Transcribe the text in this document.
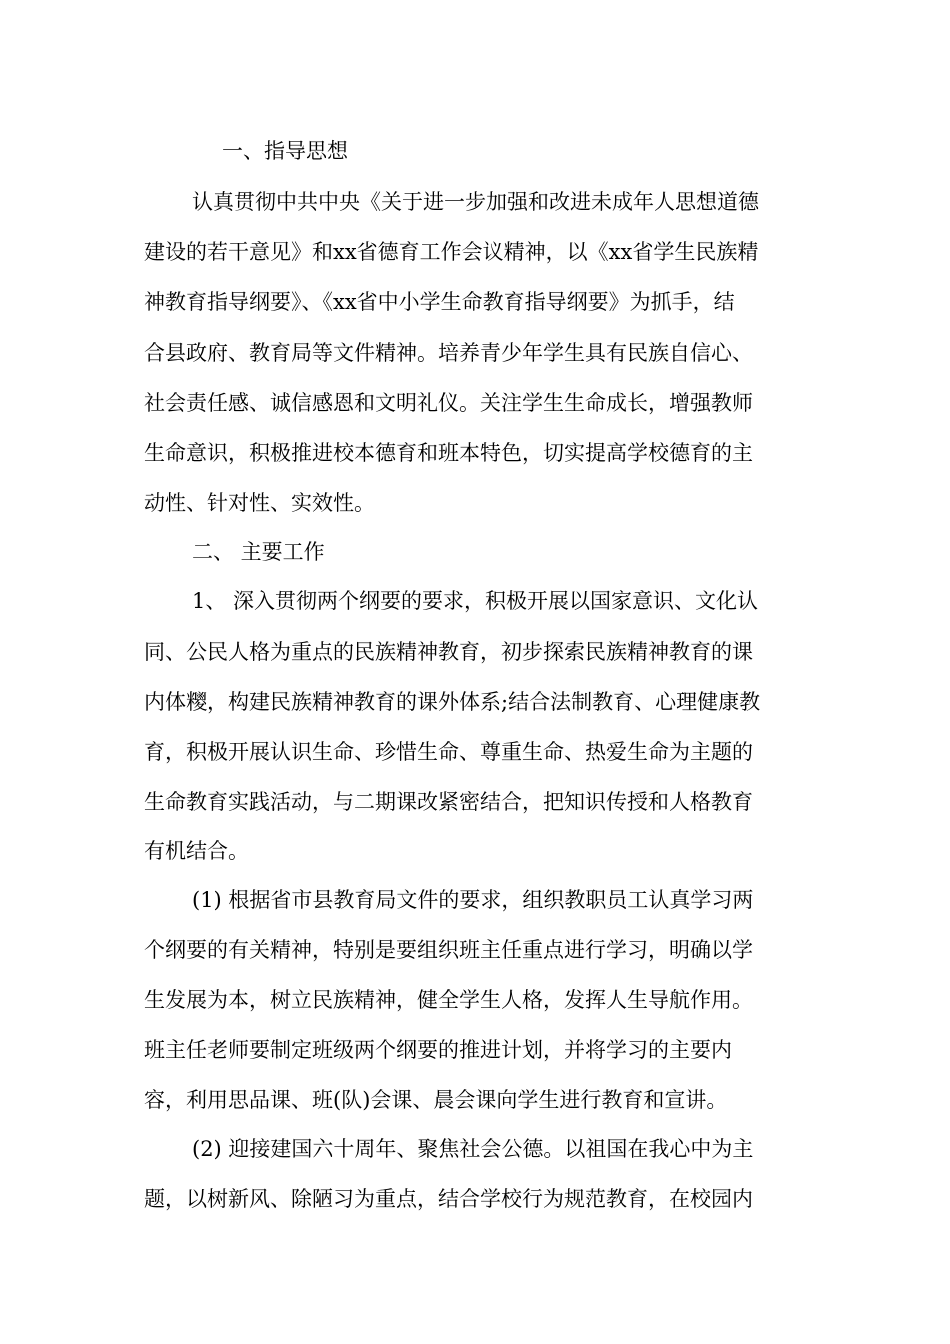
一、指导思想

认真贯彻中共中央《关于进一步加强和改进未成年人思想道德

建设的若干意见》和xx省德育工作会议精神，以《xx省学生民族精

神教育指导纲要》、《xx省中小学生命教育指导纲要》为抓手，结

合县政府、教育局等文件精神。培养青少年学生具有民族自信心、

社会责任感、诚信感恩和文明礼仪。关注学生生命成长，增强教师

生命意识，积极推进校本德育和班本特色，切实提高学校德育的主

动性、针对性、实效性。

二、 主要工作

1、 深入贯彻两个纲要的要求，积极开展以国家意识、文化认

同、公民人格为重点的民族精神教育，初步探索民族精神教育的课

内体糭，构建民族精神教育的课外体系;结合法制教育、心理健康教

育，积极开展认识生命、珍惜生命、尊重生命、热爱生命为主题的

生命教育实践活动，与二期课改紧密结合，把知识传授和人格教育

有机结合。

(1) 根据省市县教育局文件的要求，组织教职员工认真学习两

个纲要的有关精神，特别是要组织班主任重点进行学习，明确以学

生发展为本，树立民族精神，健全学生人格，发挥人生导航作用。

班主任老师要制定班级两个纲要的推进计划，并将学习的主要内

容，利用思品课、班(队)会课、晨会课向学生进行教育和宣讲。

(2) 迎接建国六十周年、聚焦社会公德。以祖国在我心中为主

题，以树新风、除陋习为重点，结合学校行为规范教育，在校园内
